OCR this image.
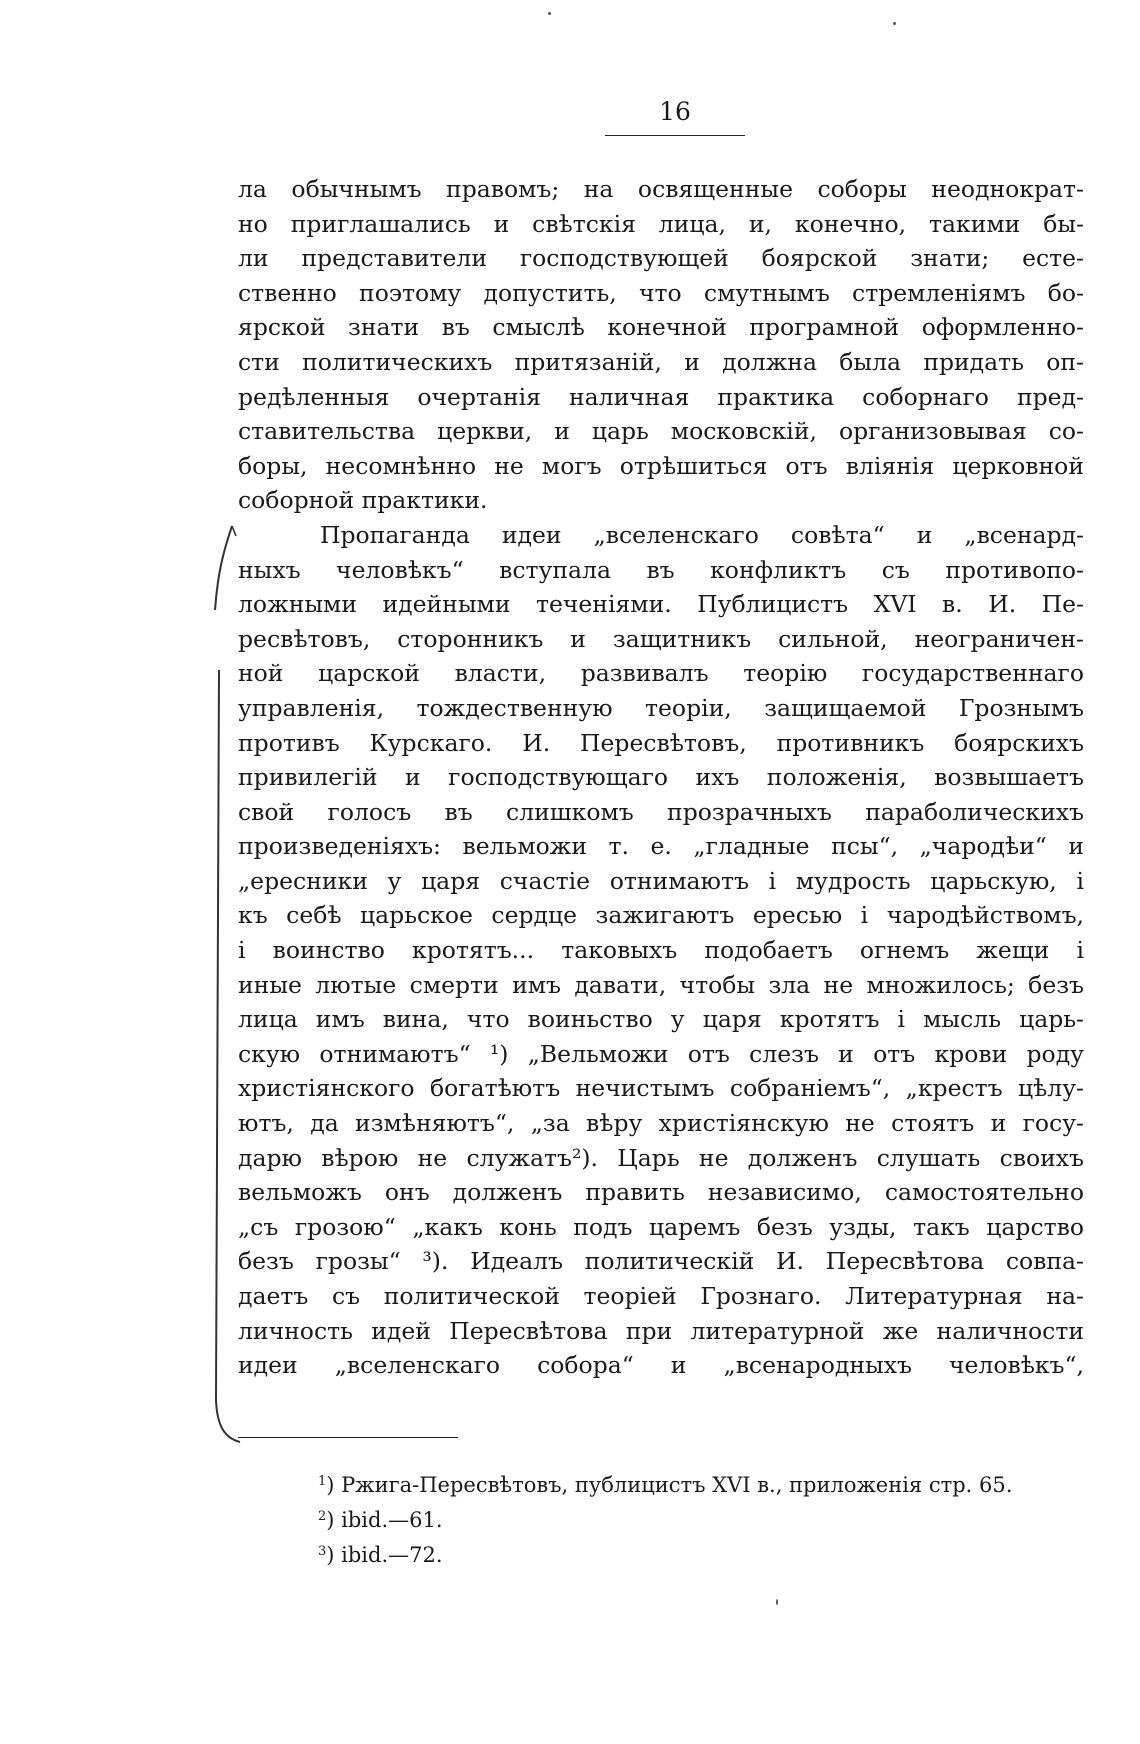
16
ла обычнымъ правомъ; на освященные соборы неоднократ-
но приглашались и свѣтскія лица, и, конечно, такими бы-
ли представители господствующей боярской знати; есте-
ственно поэтому допустить, что смутнымъ стремленіямъ бо-
ярской знати въ смыслѣ конечной програмной оформленно-
сти политическихъ притязаній, и должна была придать оп-
редѣленныя очертанія наличная практика соборнаго пред-
ставительства церкви, и царь московскій, организовывая со-
боры, несомнѣнно не могъ отрѣшиться отъ вліянія церковной
соборной практики.
Пропаганда идеи „вселенскаго совѣта“ и „всенард-
ныхъ человѣкъ“ вступала въ конфликтъ съ противопо-
ложными идейными теченіями. Публицистъ XVI в. И. Пе-
ресвѣтовъ, сторонникъ и защитникъ сильной, неограничен-
ной царской власти, развивалъ теорію государственнаго
управленія, тождественную теоріи, защищаемой Грознымъ
противъ Курскаго. И. Пересвѣтовъ, противникъ боярскихъ
привилегій и господствующаго ихъ положенія, возвышаетъ
свой голосъ въ слишкомъ прозрачныхъ параболическихъ
произведеніяхъ: вельможи т. е. „гладные псы“, „чародѣи“ и
„ересники у царя счастіе отнимаютъ і мудрость царьскую, і
къ себѣ царьское сердце зажигаютъ ересью і чародѣйствомъ,
і воинство кротятъ... таковыхъ подобаетъ огнемъ жещи і
иные лютые смерти имъ давати, чтобы зла не множилось; безъ
лица имъ вина, что воиньство у царя кротятъ і мысль царь-
скую отнимаютъ“ ¹) „Вельможи отъ слезъ и отъ крови роду
христіянского богатѣютъ нечистымъ собраніемъ“, „крестъ цѣлу-
ютъ, да измѣняютъ“, „за вѣру христіянскую не стоятъ и госу-
дарю вѣрою не служатъ²). Царь не долженъ слушать своихъ
вельможъ онъ долженъ править независимо, самостоятельно
„съ грозою“ „какъ конь подъ царемъ безъ узды, такъ царство
безъ грозы“ ³). Идеалъ политическій И. Пересвѣтова совпа-
даетъ съ политической теоріей Грознаго. Литературная на-
личность идей Пересвѣтова при литературной же наличности
идеи „вселенскаго собора“ и „всенародныхъ человѣкъ“,
$^1$) Ржига-Пересвѣтовъ, публицистъ XVI в., приложенія стр. 65.
$^2$) ibid.—61.
$^3$) ibid.—72.
